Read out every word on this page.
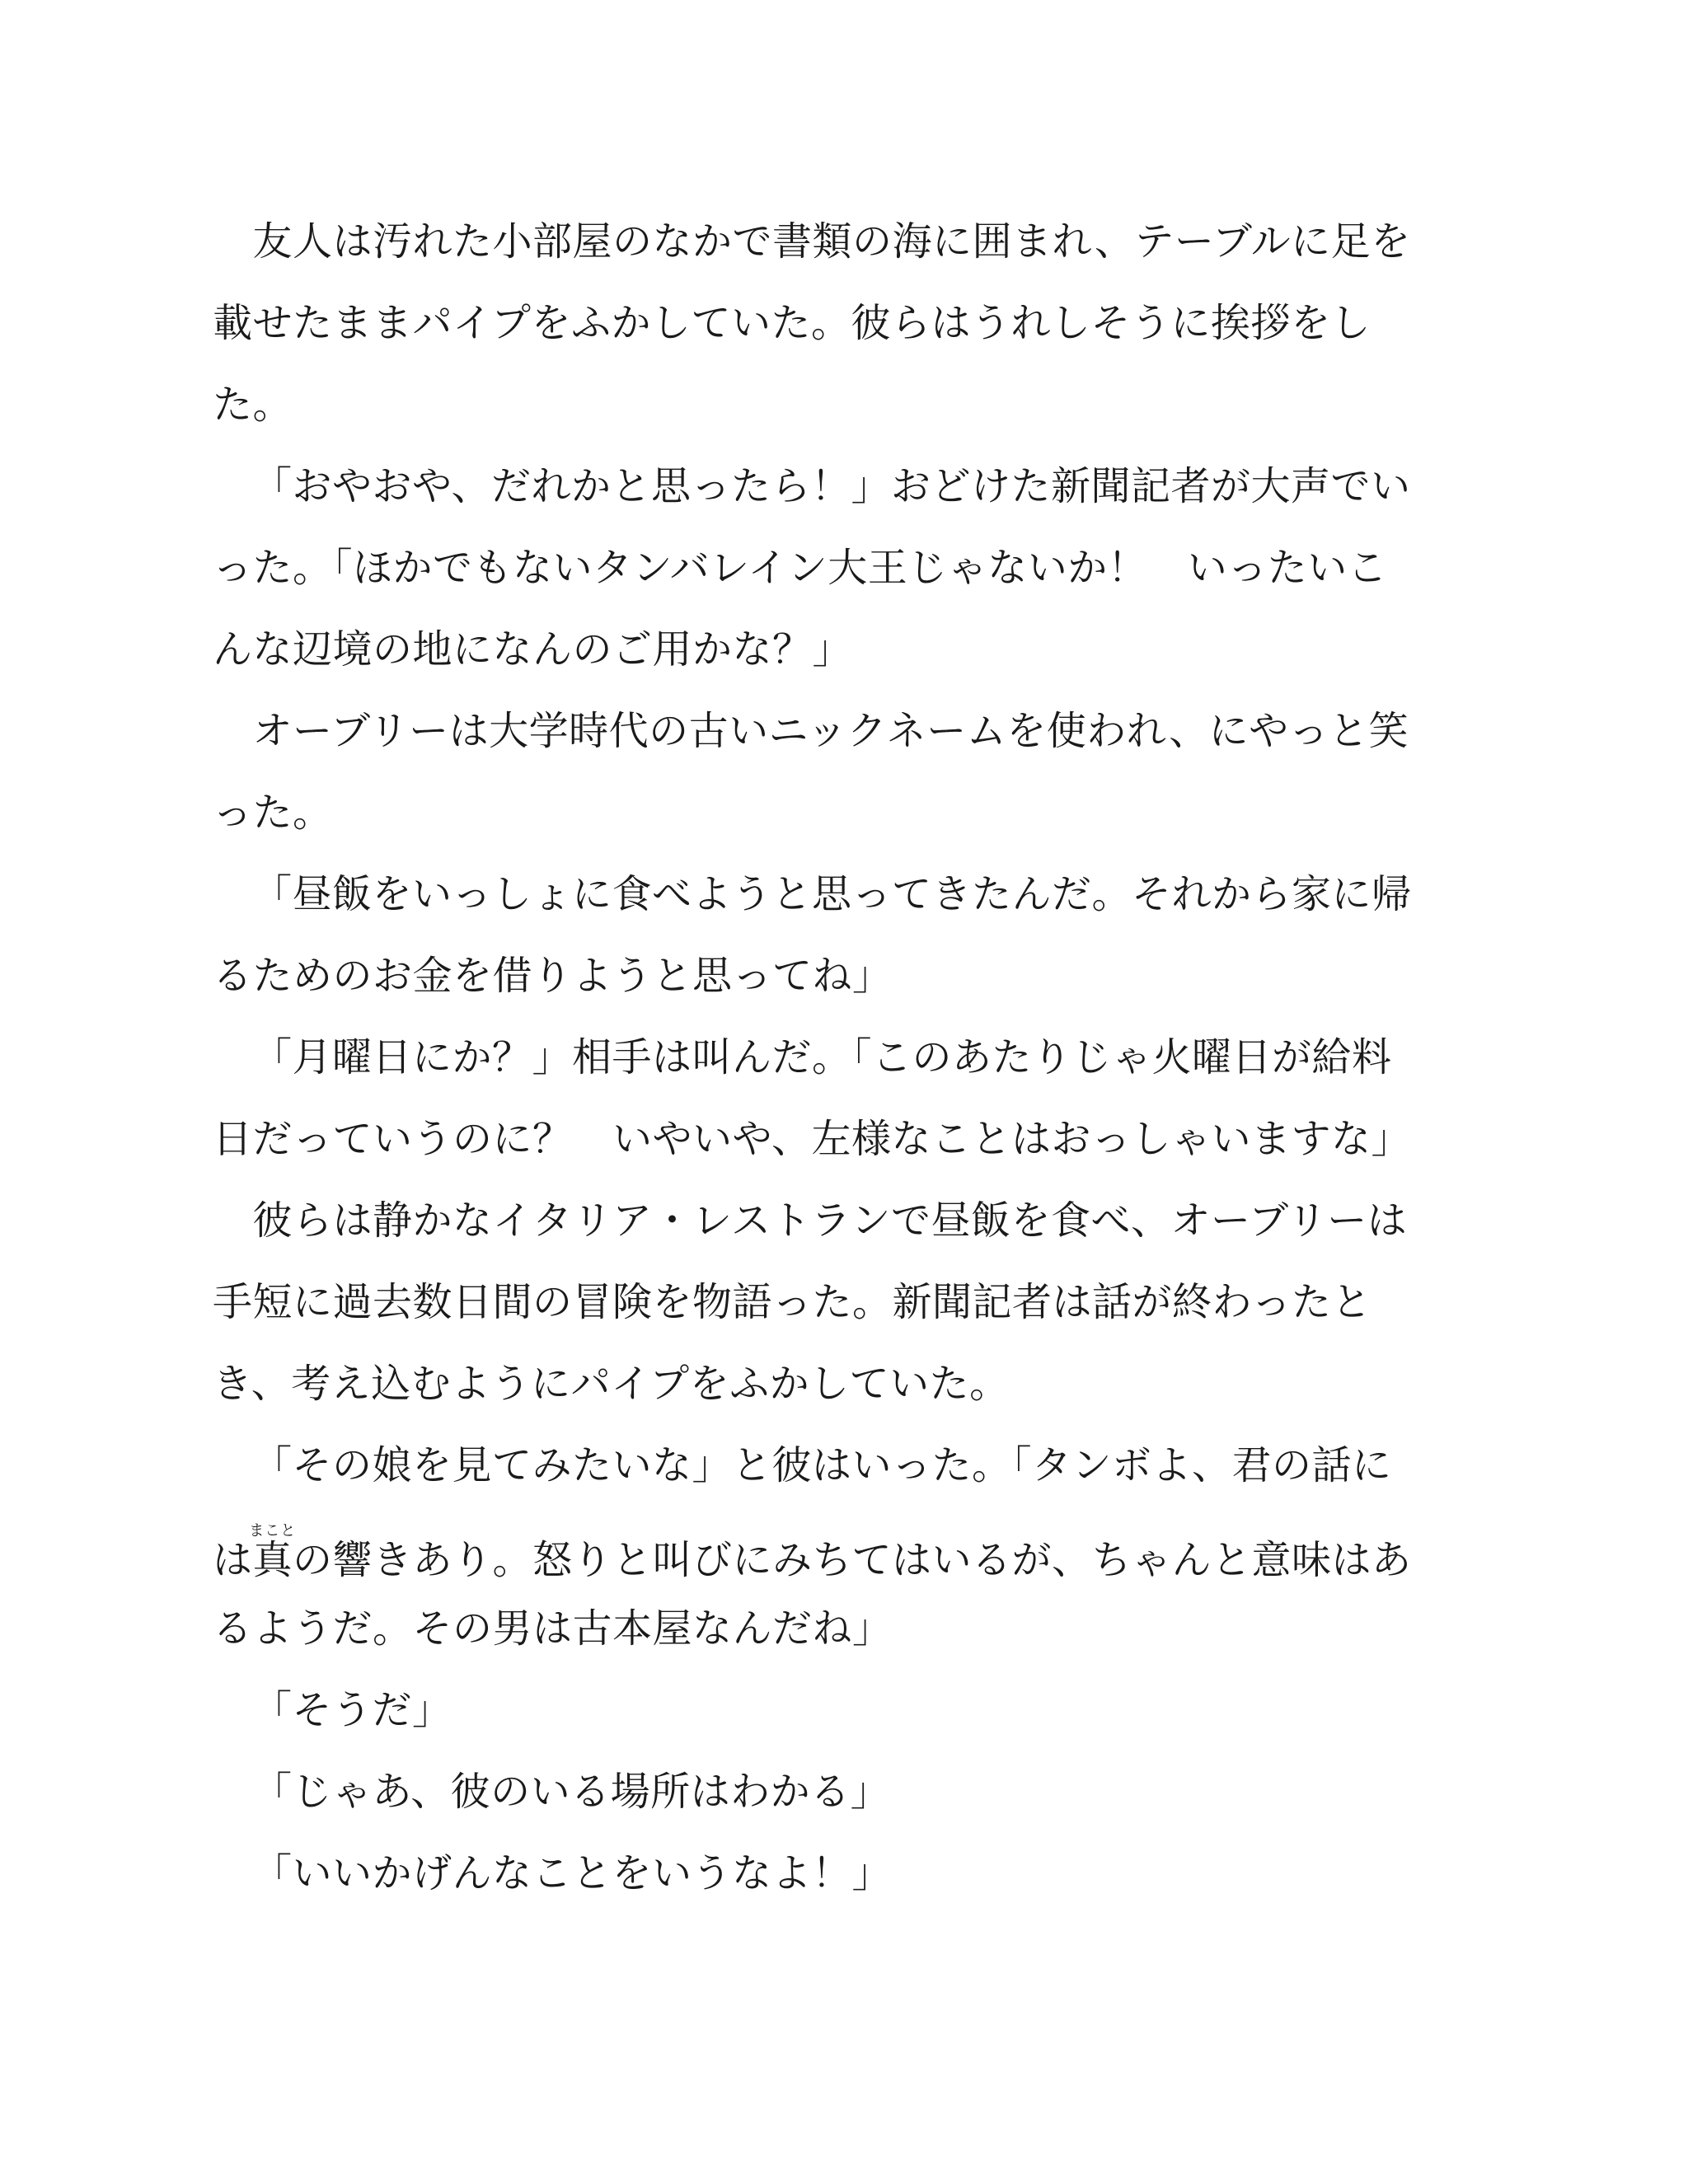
　友人は汚れた小部屋のなかで書類の海に囲まれ、テーブルに足を
載せたままパイプをふかしていた。彼らはうれしそうに挨拶をし
た。
「おやおや、だれかと思ったら！」おどけた新聞記者が大声でい
った。「ほかでもないタンバレイン大王じゃないか！　いったいこ
んな辺境の地になんのご用かな？」
　オーブリーは大学時代の古いニックネームを使われ、にやっと笑
った。
「昼飯をいっしょに食べようと思ってきたんだ。それから家に帰
るためのお金を借りようと思ってね」
「月曜日にか？」相手は叫んだ。「このあたりじゃ火曜日が給料
日だっていうのに？　いやいや、左様なことはおっしゃいますな」
　彼らは静かなイタリア・レストランで昼飯を食べ、オーブリーは
手短に過去数日間の冒険を物語った。新聞記者は話が終わったと
き、考え込むようにパイプをふかしていた。
「その娘を見てみたいな」と彼はいった。「タンボよ、君の話に
は真まことの響きあり。怒りと叫びにみちてはいるが、ちゃんと意味はあ
るようだ。その男は古本屋なんだね」
「そうだ」
「じゃあ、彼のいる場所はわかる」
「いいかげんなことをいうなよ！」
